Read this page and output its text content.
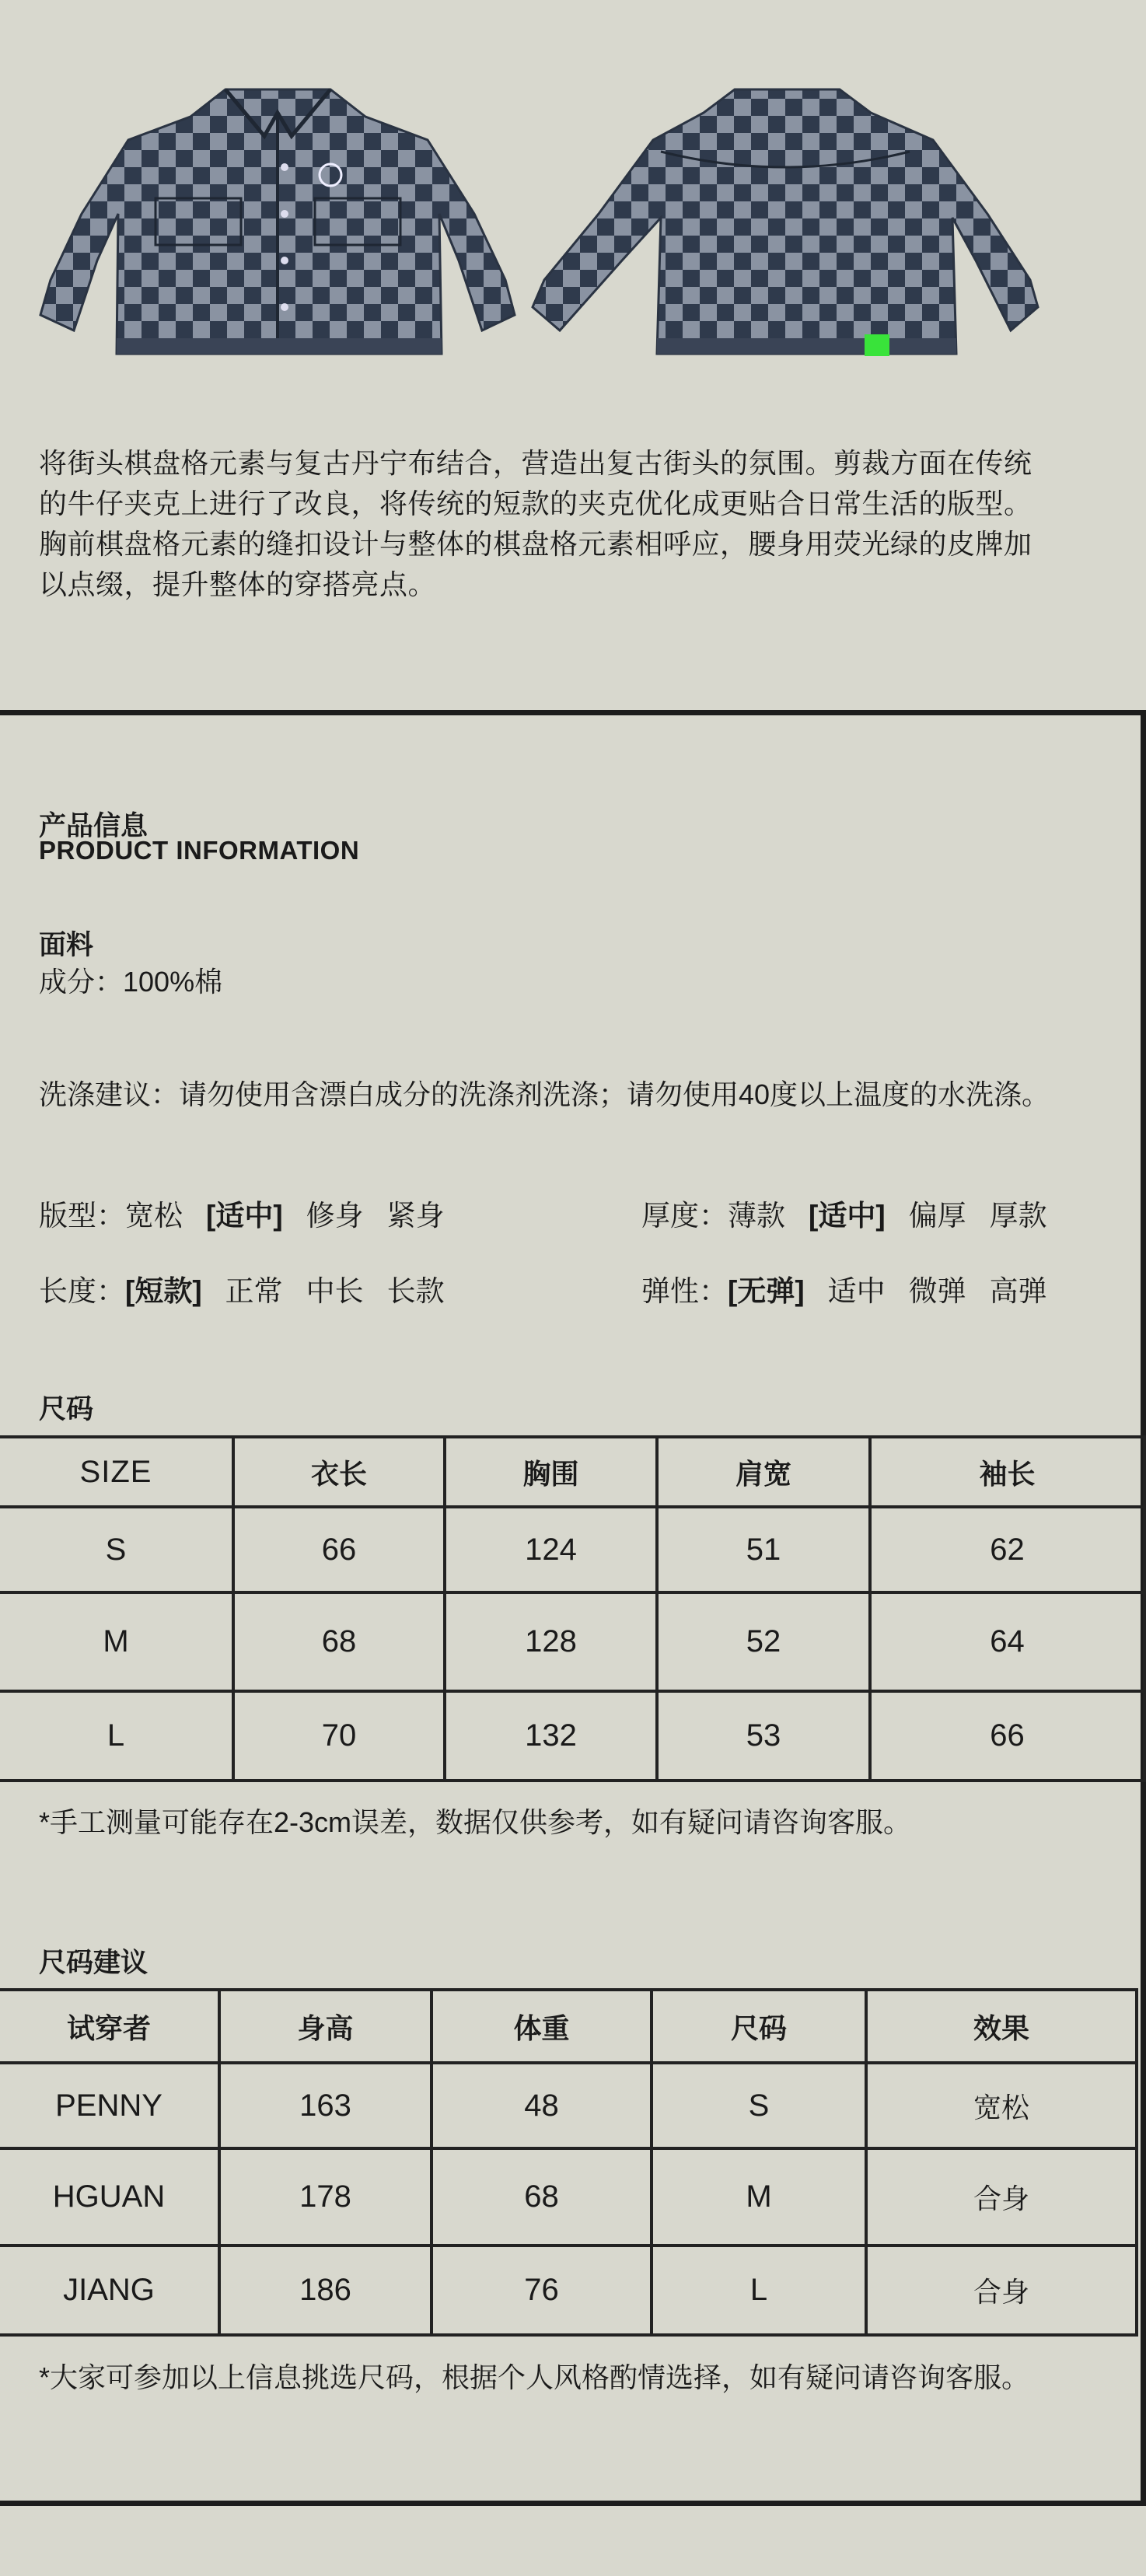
将街头棋盘格元素与复古丹宁布结合，营造出复古街头的氛围。剪裁方面在传统
的牛仔夹克上进行了改良，将传统的短款的夹克优化成更贴合日常生活的版型。
胸前棋盘格元素的缝扣设计与整体的棋盘格元素相呼应，腰身用荧光绿的皮牌加
以点缀，提升整体的穿搭亮点。
产品信息
PRODUCT INFORMATION
面料
成分：100%棉
洗涤建议：请勿使用含漂白成分的洗涤剂洗涤；请勿使用40度以上温度的水洗涤。
版型：宽松 [适中] 修身 紧身	厚度：薄款 [适中] 偏厚 厚款
长度：[短款] 正常 中长 长款	弹性：[无弹] 适中 微弹 高弹
尺码
SIZE	衣长	胸围	肩宽	袖长
S	66	124	51	62
M	68	128	52	64
L	70	132	53	66
*手工测量可能存在2-3cm误差，数据仅供参考，如有疑问请咨询客服。
尺码建议
试穿者	身高	体重	尺码	效果
PENNY	163	48	S	宽松
HGUAN	178	68	M	合身
JIANG	186	76	L	合身
*大家可参加以上信息挑选尺码，根据个人风格酌情选择，如有疑问请咨询客服。
